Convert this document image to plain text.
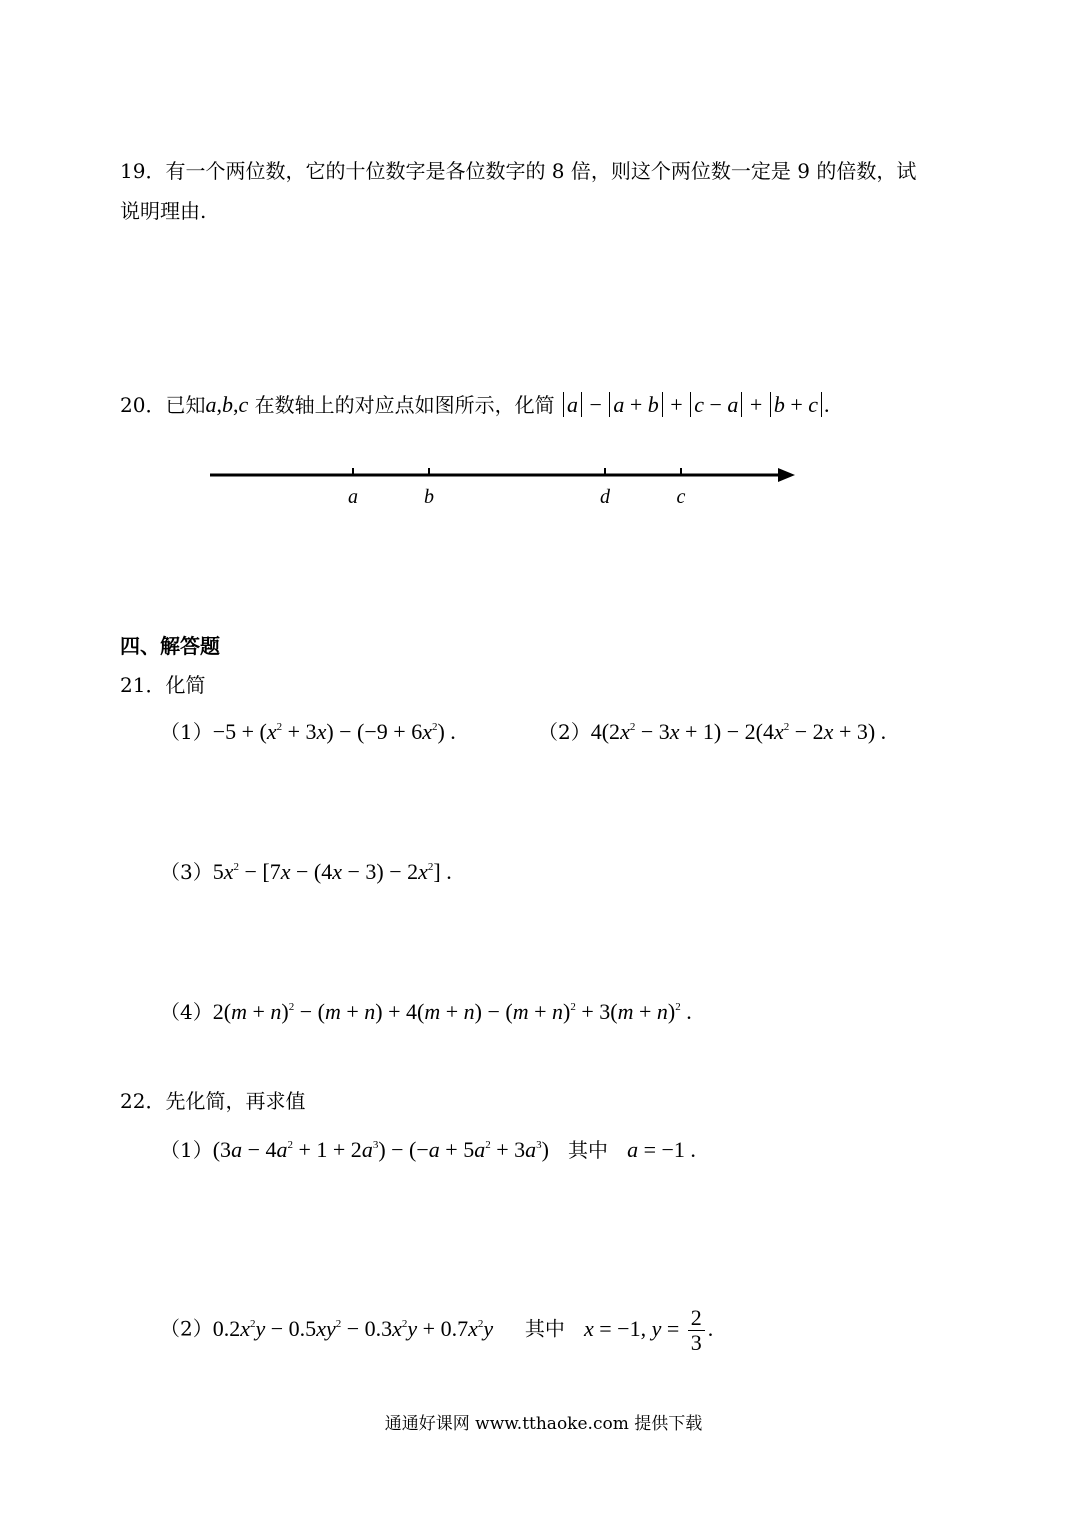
19．有一个两位数，它的十位数字是各位数字的 8 倍，则这个两位数一定是 9 的倍数，试
说明理由.
20．已知a,b,c 在数轴上的对应点如图所示，化简 a − a + b + c − a + b + c .
a	b	d	c
四、解答题
21．化简
$(1)-5 + (x^2 + 3x) - (-9 + 6x^2)$ .	$(2)4(2x^2 - 3x + 1) - 2(4x^2 - 2x + 3)$ .
$(3)5x^2 - [7x - (4x - 3) - 2x^2]$ .
$(4)2(m + n)^2 - (m + n) + 4(m + n) - (m + n)^2 + 3(m + n)^2$ .
22．先化简，再求值
$(1)(3a - 4a^2 + 1 + 2a^3) - (-a + 5a^2 + 3a^3)$ 其中 a = −1 .
$(2)0.2x^2y - 0.5xy^2 - 0.3x^2y + 0.7x^2y$ 其中 x = −1, $y = \frac{2}{3}$ .
通通好课网 www.tthaoke.com 提供下载
